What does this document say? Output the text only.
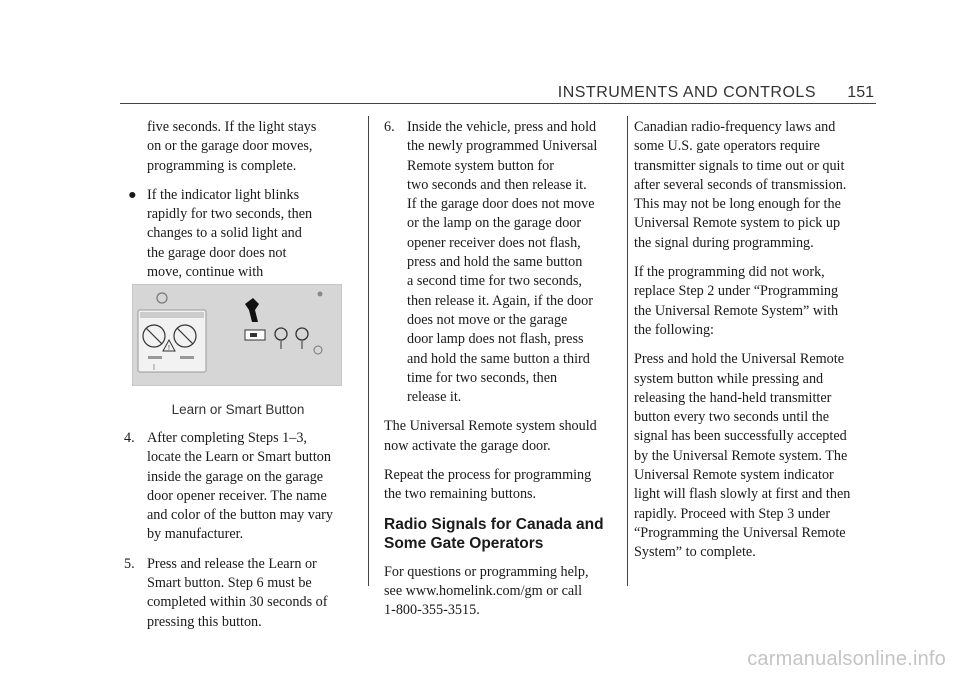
INSTRUMENTS AND CONTROLS 151

five seconds. If the light stays
on or the garage door moves,
programming is complete.

● If the indicator light blinks
rapidly for two seconds, then
changes to a solid light and
the garage door does not
move, continue with

!
Learn or Smart Button

4. After completing Steps 1–3,
locate the Learn or Smart button
inside the garage on the garage
door opener receiver. The name
and color of the button may vary
by manufacturer.

5. Press and release the Learn or
Smart button. Step 6 must be
completed within 30 seconds of
pressing this button.

6. Inside the vehicle, press and hold
the newly programmed Universal
Remote system button for
two seconds and then release it.
If the garage door does not move
or the lamp on the garage door
opener receiver does not flash,
press and hold the same button
a second time for two seconds,
then release it. Again, if the door
does not move or the garage
door lamp does not flash, press
and hold the same button a third
time for two seconds, then
release it.

The Universal Remote system should
now activate the garage door.

Repeat the process for programming
the two remaining buttons.

Radio Signals for Canada and
Some Gate Operators

For questions or programming help,
see www.homelink.com/gm or call
1-800-355-3515.

Canadian radio-frequency laws and
some U.S. gate operators require
transmitter signals to time out or quit
after several seconds of transmission.
This may not be long enough for the
Universal Remote system to pick up
the signal during programming.

If the programming did not work,
replace Step 2 under “Programming
the Universal Remote System” with
the following:

Press and hold the Universal Remote
system button while pressing and
releasing the hand-held transmitter
button every two seconds until the
signal has been successfully accepted
by the Universal Remote system. The
Universal Remote system indicator
light will flash slowly at first and then
rapidly. Proceed with Step 3 under
“Programming the Universal Remote
System” to complete.

carmanualsonline.info
